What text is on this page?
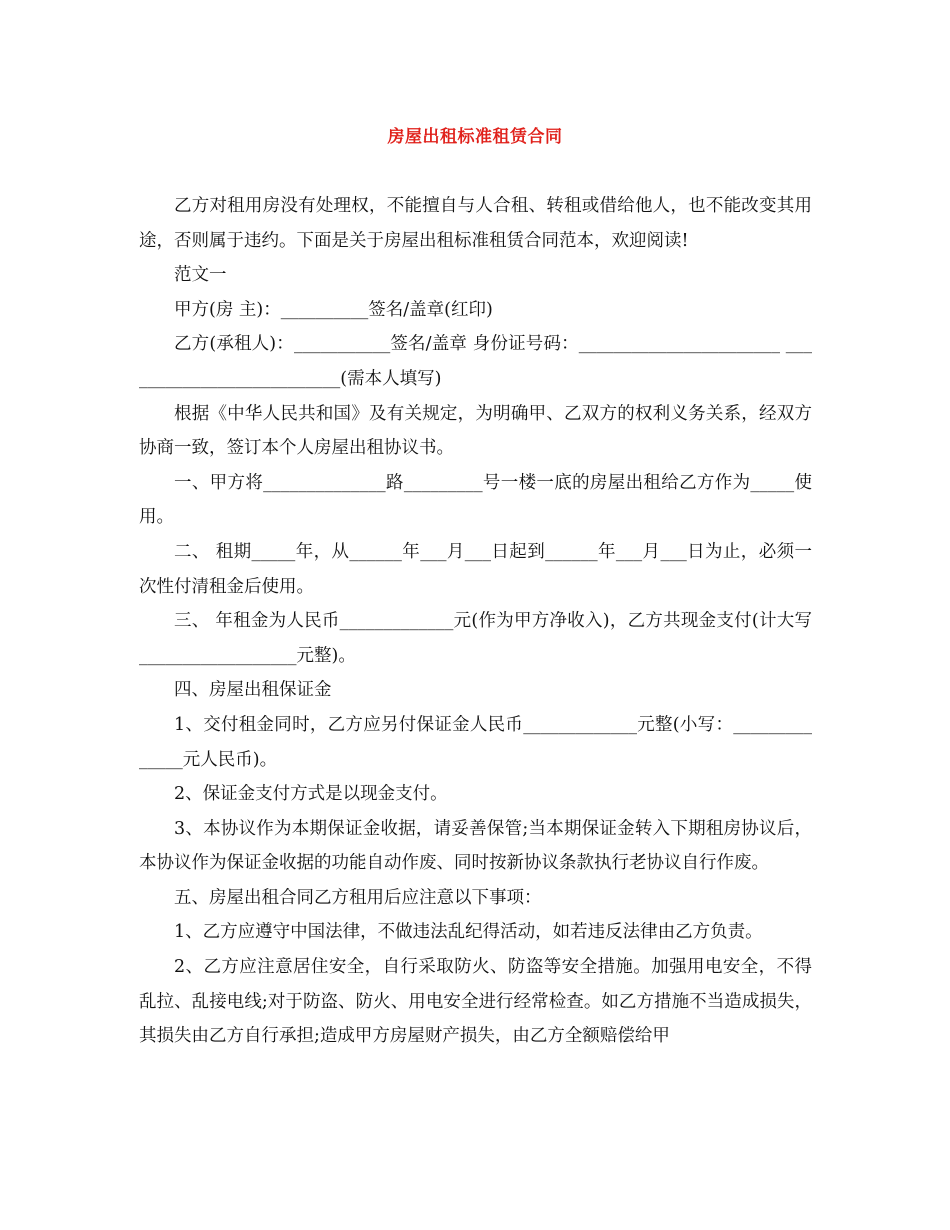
房屋出租标准租赁合同

乙方对租用房没有处理权，不能擅自与人合租、转租或借给他人，也不能改变其用途，否则属于违约。下面是关于房屋出租标准租赁合同范本，欢迎阅读!

范文一

甲方(房 主)：__________签名/盖章(红印)

乙方(承租人)：___________签名/盖章 身份证号码：_______________________ __________________________(需本人填写)

根据《中华人民共和国》及有关规定，为明确甲、乙双方的权利义务关系，经双方协商一致，签订本个人房屋出租协议书。

一、甲方将______________路_________号一楼一底的房屋出租给乙方作为_____使用。

二、 租期_____年，从______年___月___日起到______年___月___日为止，必须一次性付清租金后使用。

三、 年租金为人民币_____________元(作为甲方净收入)，乙方共现金支付(计大写__________________元整)。

四、房屋出租保证金

1、交付租金同时，乙方应另付保证金人民币_____________元整(小写：______________元人民币)。

2、保证金支付方式是以现金支付。

3、本协议作为本期保证金收据，请妥善保管;当本期保证金转入下期租房协议后，本协议作为保证金收据的功能自动作废、同时按新协议条款执行老协议自行作废。

五、房屋出租合同乙方租用后应注意以下事项：

1、乙方应遵守中国法律，不做违法乱纪得活动，如若违反法律由乙方负责。

2、乙方应注意居住安全，自行采取防火、防盗等安全措施。加强用电安全，不得乱拉、乱接电线;对于防盗、防火、用电安全进行经常检查。如乙方措施不当造成损失，其损失由乙方自行承担;造成甲方房屋财产损失，由乙方全额赔偿给甲
